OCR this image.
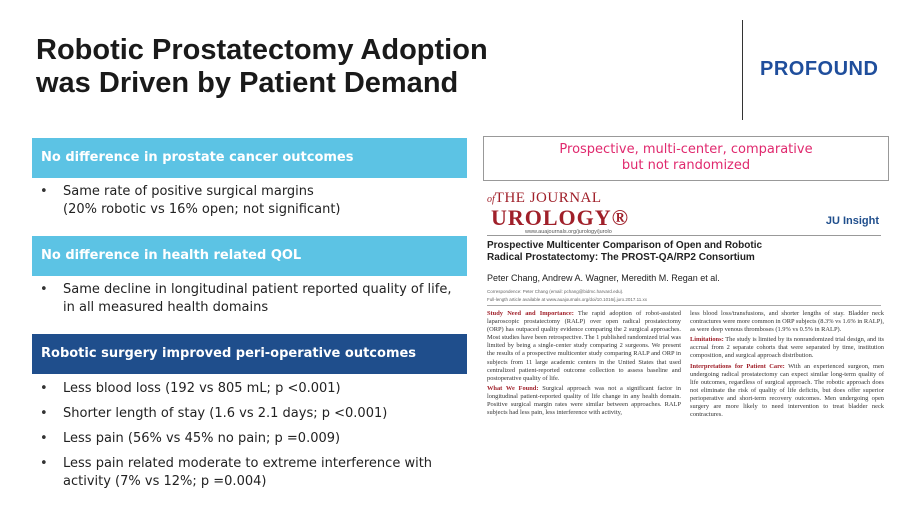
Robotic Prostatectomy Adoption
was Driven by Patient Demand	PROFOUND
No difference in prostate cancer outcomes
• Same rate of positive surgical margins
(20% robotic vs 16% open; not significant)
No difference in health related QOL
• Same decline in longitudinal patient reported quality of life,
in all measured health domains
Robotic surgery improved peri-operative outcomes
• Less blood loss (192 vs 805 mL; p <0.001)
• Shorter length of stay (1.6 vs 2.1 days; p <0.001)
• Less pain (56% vs 45% no pain; p =0.009)
• Less pain related moderate to extreme interference with
activity (7% vs 12%; p =0.004)
Prospective, multi-center, comparative
but not randomized
ofTHE JOURNAL
UROLOGY®
www.auajournals.org/jurology/jurolo
JU Insight
Prospective Multicenter Comparison of Open and Robotic
Radical Prostatectomy: The PROST-QA/RP2 Consortium
Peter Chang, Andrew A. Wagner, Meredith M. Regan et al.
Correspondence: Peter Chang (email: pchang@bidmc.harvard.edu).
Full-length article available at www.auajournals.org/doi/10.1016/j.juro.2017.11.xx

Study Need and Importance: The rapid adoption of robot-assisted laparoscopic prostatectomy (RALP) over open radical prostatectomy (ORP) has outpaced quality evidence comparing the 2 surgical approaches. Most studies have been retrospective. The 1 published randomized trial was limited by being a single-center study comparing 2 surgeons. We present the results of a prospective multicenter study comparing RALP and ORP in subjects from 11 large academic centers in the United States that used centralized patient-reported outcome collection to assess baseline and postoperative quality of life.

What We Found: Surgical approach was not a significant factor in longitudinal patient-reported quality of life change in any health domain. Positive surgical margin rates were similar between approaches. RALP subjects had less pain, less interference with activity,

less blood loss/transfusions, and shorter lengths of stay. Bladder neck contractures were more common in ORP subjects (8.3% vs 1.6% in RALP), as were deep venous thromboses (1.9% vs 0.5% in RALP).

Limitations: The study is limited by its nonrandomized trial design, and its accrual from 2 separate cohorts that were separated by time, institution composition, and surgical approach distribution.

Interpretations for Patient Care: With an experienced surgeon, men undergoing radical prostatectomy can expect similar long-term quality of life outcomes, regardless of surgical approach. The robotic approach does not eliminate the risk of quality of life deficits, but does offer superior perioperative and short-term recovery outcomes. Men undergoing open surgery are more likely to need intervention to treat bladder neck contractures.
